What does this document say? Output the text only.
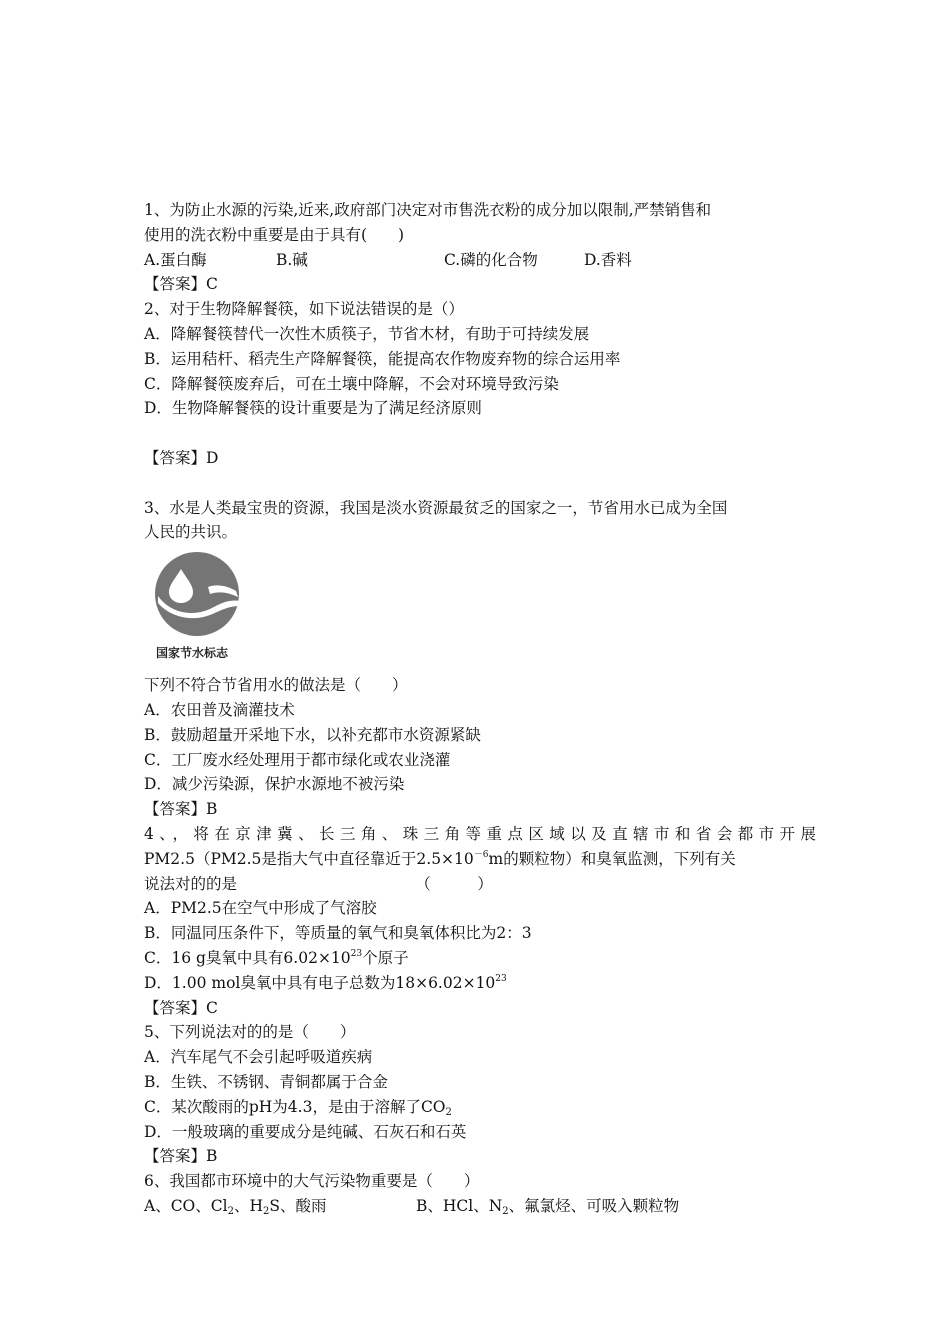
1、为防止水源的污染,近来,政府部门决定对市售洗衣粉的成分加以限制,严禁销售和
使用的洗衣粉中重要是由于具有(　　)
A.蛋白酶	B.碱	C.磷的化合物	D.香料
【答案】C
2、对于生物降解餐筷，如下说法错误的是（）
A．降解餐筷替代一次性木质筷子，节省木材，有助于可持续发展
B．运用秸杆、稻壳生产降解餐筷，能提高农作物废弃物的综合运用率
C．降解餐筷废弃后，可在土壤中降解，不会对环境导致污染
D．生物降解餐筷的设计重要是为了满足经济原则
【答案】D
3、水是人类最宝贵的资源，我国是淡水资源最贫乏的国家之一，节省用水已成为全国
人民的共识。
国家节水标志
下列不符合节省用水的做法是（　　）
A．农田普及滴灌技术
B．鼓励超量开采地下水，以补充都市水资源紧缺
C．工厂废水经处理用于都市绿化或农业浇灌
D．减少污染源，保护水源地不被污染
【答案】B
4、，将在京津冀、长三角、珠三角等重点区域以及直辖市和省会都市开展
PM2.5（PM2.5是指大气中直径靠近于$2.5\times 10^{-6}m$的颗粒物）和臭氧监测，下列有关
说法对的的是　　　　　　　　　　　　（　　　）
A．PM2.5在空气中形成了气溶胶
B．同温同压条件下，等质量的氧气和臭氧体积比为2：3
C．16 g臭氧中具有$6.02\times 10^{23}$个原子
D．1.00 mol臭氧中具有电子总数为$18\times 6.02\times 10^{23}$
【答案】C
5、下列说法对的的是（　　）
A．汽车尾气不会引起呼吸道疾病
B．生铁、不锈钢、青铜都属于合金
C．某次酸雨的pH为4.3，是由于溶解了$CO_2$
D．一般玻璃的重要成分是纯碱、石灰石和石英
【答案】B
6、我国都市环境中的大气污染物重要是（　　）
A、CO、$Cl_2$、$H_2S$、酸雨	B、HCl、$N_2$、氟氯烃、可吸入颗粒物
